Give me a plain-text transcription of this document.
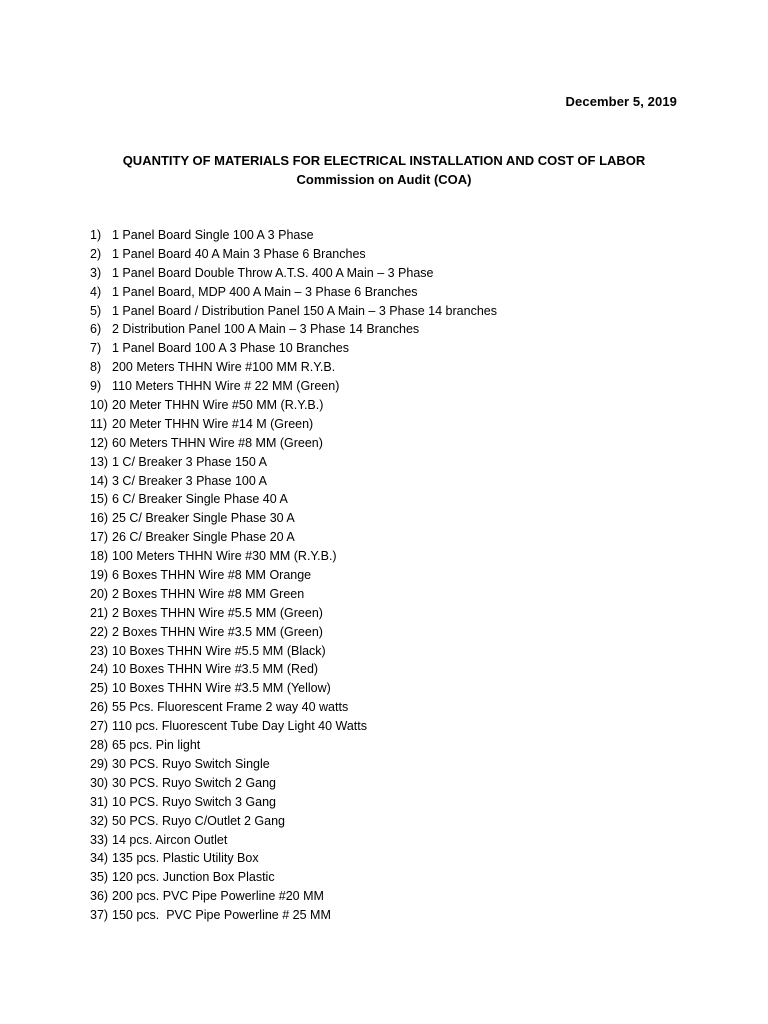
December 5, 2019
QUANTITY OF MATERIALS FOR ELECTRICAL INSTALLATION AND COST OF LABOR
Commission on Audit (COA)
1) 1 Panel Board Single 100 A 3 Phase
2) 1 Panel Board 40 A Main 3 Phase 6 Branches
3) 1 Panel Board Double Throw A.T.S. 400 A Main – 3 Phase
4) 1 Panel Board, MDP 400 A Main – 3 Phase 6 Branches
5) 1 Panel Board / Distribution Panel 150 A Main – 3 Phase 14 branches
6) 2 Distribution Panel 100 A Main – 3 Phase 14 Branches
7) 1 Panel Board 100 A 3 Phase 10 Branches
8) 200 Meters THHN Wire #100 MM R.Y.B.
9) 110 Meters THHN Wire # 22 MM (Green)
10) 20 Meter THHN Wire #50 MM (R.Y.B.)
11) 20 Meter THHN Wire #14 M (Green)
12) 60 Meters THHN Wire #8 MM (Green)
13) 1 C/ Breaker 3 Phase 150 A
14) 3 C/ Breaker 3 Phase 100 A
15) 6 C/ Breaker Single Phase 40 A
16) 25 C/ Breaker Single Phase 30 A
17) 26 C/ Breaker Single Phase 20 A
18) 100 Meters THHN Wire #30 MM (R.Y.B.)
19) 6 Boxes THHN Wire #8 MM Orange
20) 2 Boxes THHN Wire #8 MM Green
21) 2 Boxes THHN Wire #5.5 MM (Green)
22) 2 Boxes THHN Wire #3.5 MM (Green)
23) 10 Boxes THHN Wire #5.5 MM (Black)
24) 10 Boxes THHN Wire #3.5 MM (Red)
25) 10 Boxes THHN Wire #3.5 MM (Yellow)
26) 55 Pcs. Fluorescent Frame 2 way 40 watts
27) 110 pcs. Fluorescent Tube Day Light 40 Watts
28) 65 pcs. Pin light
29) 30 PCS. Ruyo Switch Single
30) 30 PCS. Ruyo Switch 2 Gang
31) 10 PCS. Ruyo Switch 3 Gang
32) 50 PCS. Ruyo C/Outlet 2 Gang
33) 14 pcs. Aircon Outlet
34) 135 pcs. Plastic Utility Box
35) 120 pcs. Junction Box Plastic
36) 200 pcs. PVC Pipe Powerline #20 MM
37) 150 pcs.  PVC Pipe Powerline # 25 MM
